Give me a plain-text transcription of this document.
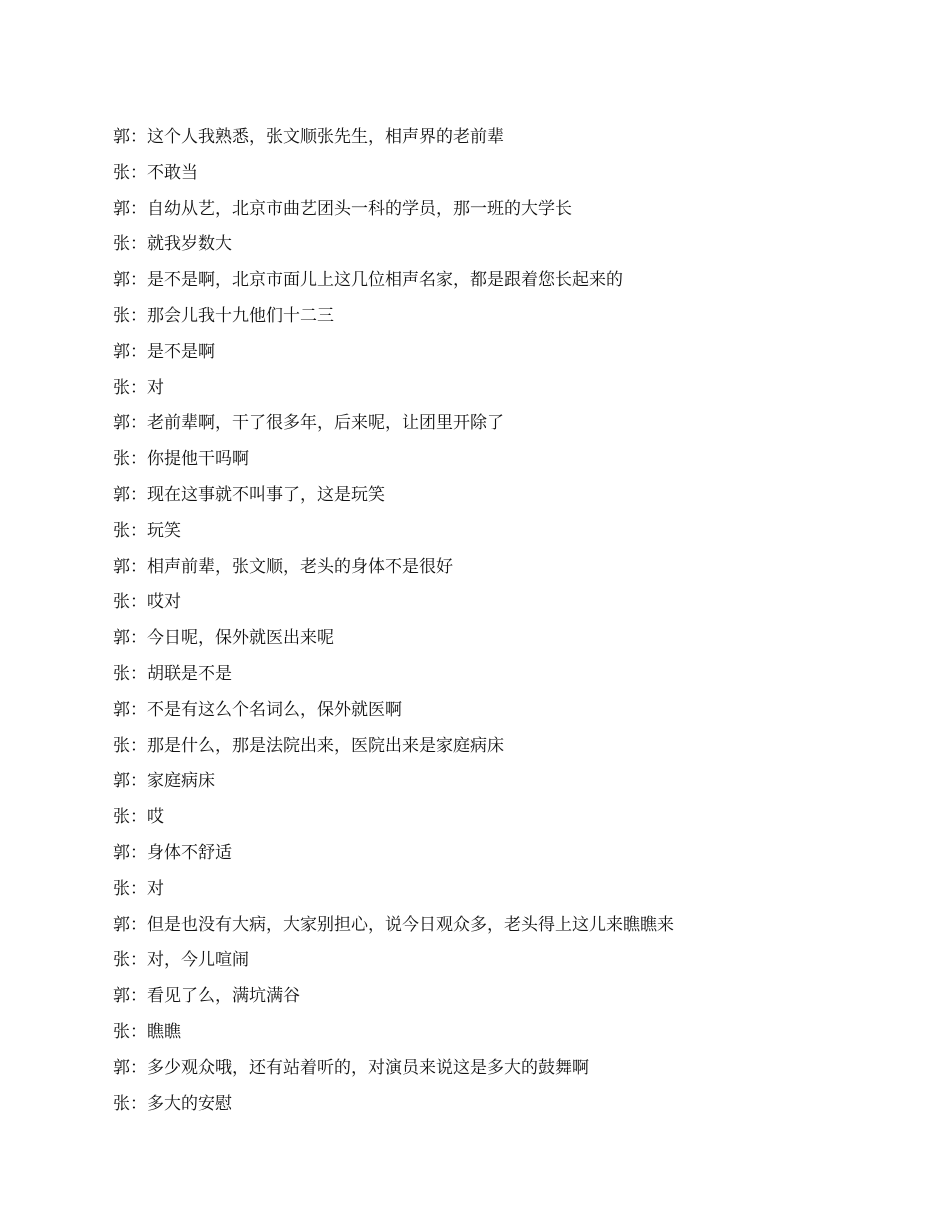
郭：这个人我熟悉，张文顺张先生，相声界的老前辈
张：不敢当
郭：自幼从艺，北京市曲艺团头一科的学员，那一班的大学长
张：就我岁数大
郭：是不是啊，北京市面儿上这几位相声名家，都是跟着您长起来的
张：那会儿我十九他们十二三
郭：是不是啊
张：对
郭：老前辈啊，干了很多年，后来呢，让团里开除了
张：你提他干吗啊
郭：现在这事就不叫事了，这是玩笑
张：玩笑
郭：相声前辈，张文顺，老头的身体不是很好
张：哎对
郭：今日呢，保外就医出来呢
张：胡联是不是
郭：不是有这么个名词么，保外就医啊
张：那是什么，那是法院出来，医院出来是家庭病床
郭：家庭病床
张：哎
郭：身体不舒适
张：对
郭：但是也没有大病，大家别担心，说今日观众多，老头得上这儿来瞧瞧来
张：对，今儿喧闹
郭：看见了么，满坑满谷
张：瞧瞧
郭：多少观众哦，还有站着听的，对演员来说这是多大的鼓舞啊
张：多大的安慰
